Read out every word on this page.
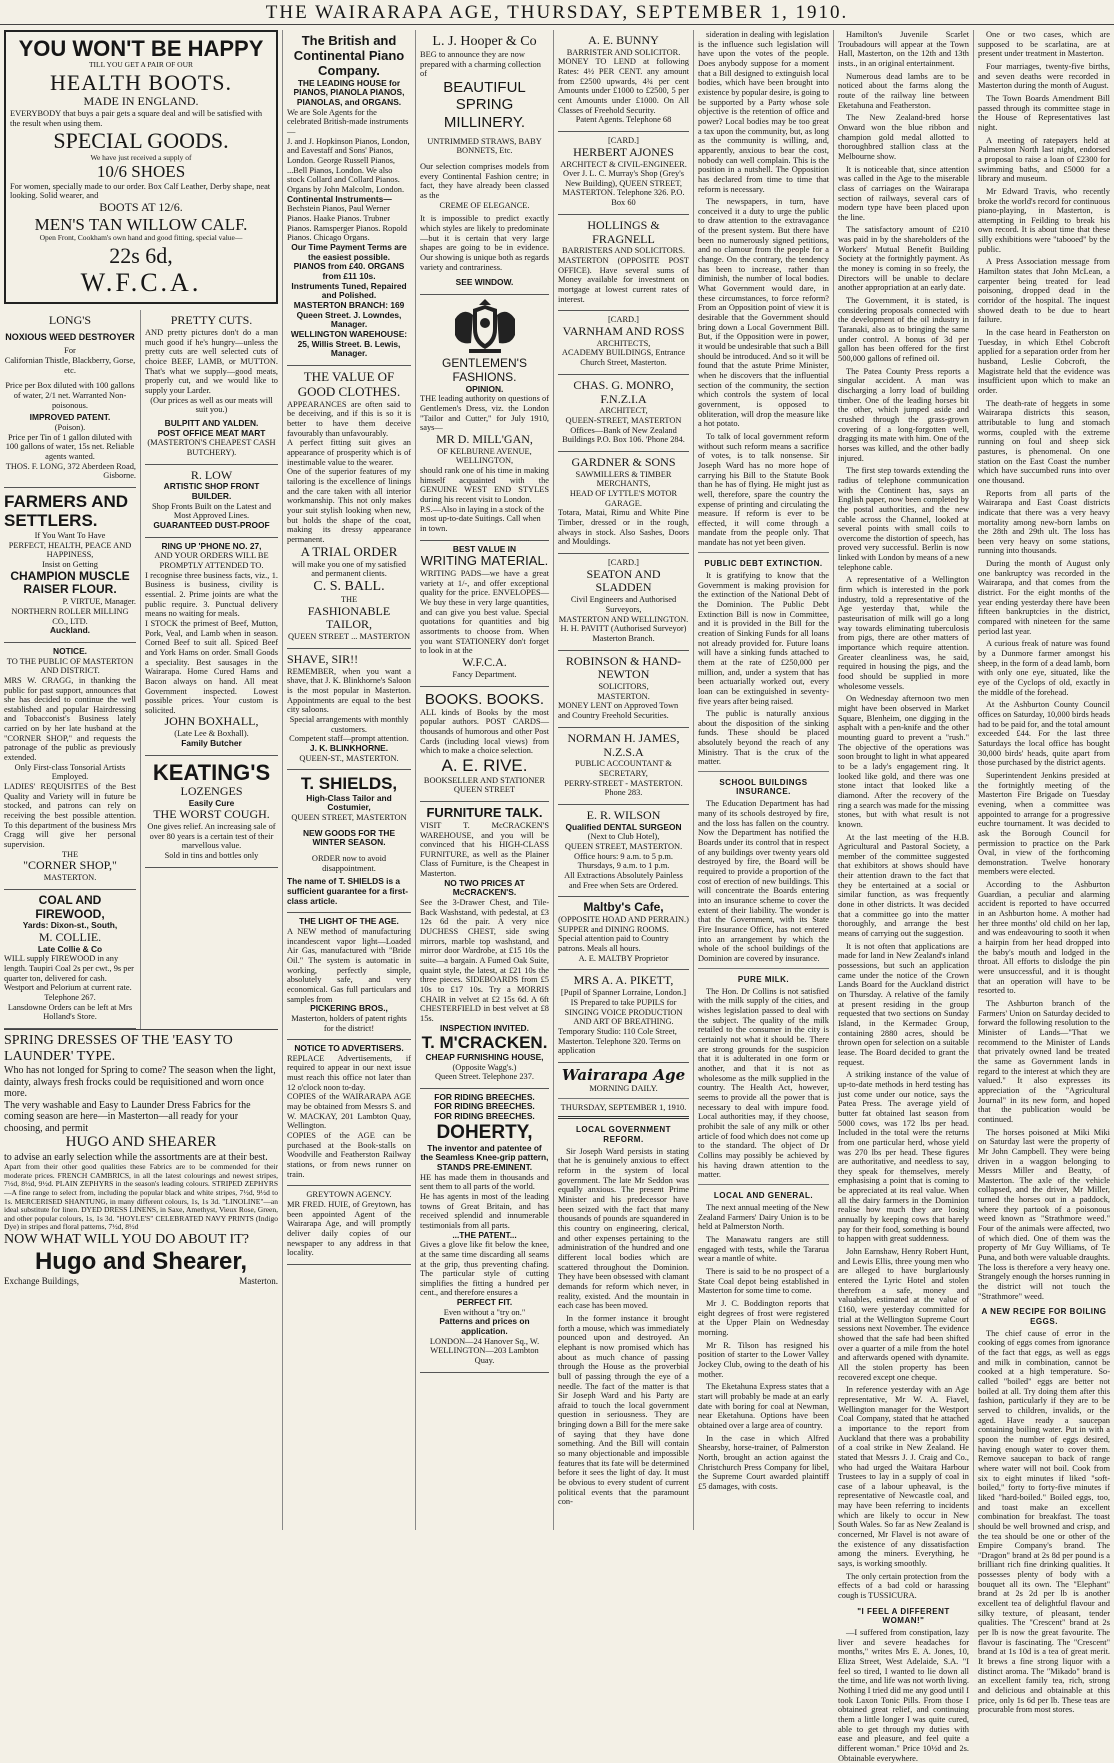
THE WAIRARAPA AGE, THURSDAY, SEPTEMBER 1, 1910.
YOU WON'T BE HAPPY
TILL YOU GET A PAIR OF OUR
HEALTH BOOTS.
MADE IN ENGLAND.
EVERYBODY that buys a pair gets a square deal and will be satisfied with the result when using them.
SPECIAL GOODS.
We have just received a supply of
10/6 SHOES
For women, specially made to our order. Box Calf Leather, Derby shape, neat looking. Solid wearer, and
BOOTS AT 12/6.
MEN'S TAN WILLOW CALF.
Open Front, Cookham's own hand and good fitting, special value—
22s 6d,
W.F.C.A.
LONG'S
NOXIOUS WEED DESTROYER
For
Californian Thistle, Blackberry, Gorse, etc.
Price per Box diluted with 100 gallons of water, 2/1 net. Warranted Non-poisonous.
IMPROVED PATENT.
(Poison).
Price per Tin of 1 gallon diluted with 100 gallons of water, 15s net. Reliable agents wanted.
THOS. F. LONG, 372 Aberdeen Road, Gisborne.
FARMERS AND SETTLERS.
If You Want To Have
PERFECT, HEALTH, PEACE AND HAPPINESS,
Insist on Getting
CHAMPION MUSCLE RAISER FLOUR.
P. VIRTUE, Manager.
NORTHERN ROLLER MILLING CO., LTD.
Auckland.
NOTICE.
TO THE PUBLIC OF MASTERTON AND DISTRICT.
MRS W. CRAGG, in thanking the public for past support, announces that she has decided to continue the well established and popular Hairdressing and Tobacconist's Business lately carried on by her late husband at the "CORNER SHOP," and requests the patronage of the public as previously extended.
Only First-class Tonsorial Artists Employed.
LADIES' REQUISITES of the Best Quality and Variety will in future be stocked, and patrons can rely on receiving the best possible attention. To this department of the business Mrs Cragg will give her personal supervision.
THE
"CORNER SHOP,"
MASTERTON.
COAL AND FIREWOOD,
Yards: Dixon-st., South,
M. COLLIE.
Late Collie & Co
WILL supply FIREWOOD in any length. Taupiri Coal 2s per cwt., 9s per quarter ton, delivered for cash. Westport and Pelorium at current rate.
Telephone 267.
Lansdowne Orders can be left at Mrs Holland's Store.
PRETTY CUTS.
AND pretty pictures don't do a man much good if he's hungry—unless the pretty cuts are well selected cuts of choice BEEF, LAMB, or MUTTON. That's what we supply—good meats, properly cut, and we would like to supply your Larder.
(Our prices as well as our meats will suit you.)
BULPITT AND YALDEN.
POST OFFICE MEAT MART
(MASTERTON'S CHEAPEST CASH BUTCHERY).
R. LOW
ARTISTIC SHOP FRONT
BUILDER.
Shop Fronts Built on the Latest and Most Approved Lines.
GUARANTEED DUST-PROOF
RING UP 'PHONE NO. 27,
AND YOUR ORDERS WILL BE PROMPTLY ATTENDED TO.
I recognise three business facts, viz., 1. Business is business, civility is essential. 2. Prime joints are what the public require. 3. Punctual delivery means no waiting for meals.
I STOCK the primest of Beef, Mutton, Pork, Veal, and Lamb when in season. Corned Beef to suit all. Spiced Beef and York Hams on order. Small Goods a speciality. Best sausages in the Wairarapa. Home Cured Hams and Bacon always on hand. All meat Government inspected. Lowest possible prices. Your custom is solicited.
JOHN BOXHALL,
(Late Lee & Boxhall).
Family Butcher
KEATING'S
LOZENGES
Easily Cure
THE WORST COUGH.
One gives relief. An increasing sale of over 80 years is a certain test of their marvellous value.
Sold in tins and bottles only
SPRING DRESSES OF THE 'EASY TO LAUNDER' TYPE.
Who has not longed for Spring to come? The season when the light, dainty, always fresh frocks could be requisitioned and worn once more.
The very washable and Easy to Launder Dress Fabrics for the coming season are here—in Masterton—all ready for your choosing, and permit
HUGO AND SHEARER
to advise an early selection while the assortments are at their best.
Apart from their other good qualities these Fabrics are to be commended for their moderate prices. FRENCH CAMBRICS, in all the latest colourings and newest stripes, 7½d, 8½d, 9½d. PLAIN ZEPHYRS in the season's leading colours. STRIPED ZEPHYRS—A fine range to select from, including the popular black and white stripes, 7½d, 9½d to 1s. MERCERISED SHANTUNG, in many different colours, 1s, 1s 3d. "LINOLINE"—an ideal substitute for linen. DYED DRESS LINENS, in Saxe, Amethyst, Vieux Rose, Green, and other popular colours, 1s, 1s 3d. "HOYLE'S" CELEBRATED NAVY PRINTS (Indigo Dye) in stripes and floral patterns, 7½d, 8½d
NOW WHAT WILL YOU DO ABOUT IT?
Hugo and Shearer,
Exchange Buildings,	Masterton.
The British and Continental Piano Company.
THE LEADING HOUSE for
PIANOS, PIANOLA PIANOS, PIANOLAS, and ORGANS.
We are Sole Agents for the celebrated British-made instruments—
J. and J. Hopkinson Pianos, London, and Eavestaff and Sons' Pianos, London. George Russell Pianos, ...Bell Pianos, London. We also stock Collard and Collard Pianos. Organs by John Malcolm, London.
Continental Instruments—
Bechstein Pianos, Paul Werner Pianos. Haake Pianos. Trubner Pianos. Ramsperger Pianos. Ropold Pianos. Chicago Organs.
Our Time Payment Terms are the easiest possible.
PIANOS from £40. ORGANS from £11 10s.
Instruments Tuned, Repaired and Polished.
MASTERTON BRANCH: 169 Queen Street. J. Lowndes, Manager.
WELLINGTON WAREHOUSE: 25, Willis Street. B. Lewis, Manager.
THE VALUE OF GOOD CLOTHES.
APPEARANCES are often said to be deceiving, and if this is so it is better to have them deceive favourably than unfavourably.
A perfect fitting suit gives an appearance of prosperity which is of inestimable value to the wearer.
One of the superior features of my tailoring is the excellence of linings and the care taken with all interior workmanship. This not only makes your suit stylish looking when new, but holds the shape of the coat, making its dressy appearance permanent.
A TRIAL ORDER
will make you one of my satisfied and permanent clients.
C. S. BALL.
THE
FASHIONABLE TAILOR,
QUEEN STREET ... MASTERTON
SHAVE, SIR!!
REMEMBER, when you want a shave, that J. K. Blinkhorne's Saloon is the most popular in Masterton. Appointments are equal to the best city saloons.
Special arrangements with monthly customers.
Competent staff—prompt attention.
J. K. BLINKHORNE.
QUEEN-ST., MASTERTON.
T. SHIELDS,
High-Class Tailor and Costumier,
QUEEN STREET, MASTERTON
NEW GOODS FOR THE WINTER SEASON.
ORDER now to avoid disappointment.
The name of T. SHIELDS is a sufficient guarantee for a first-class article.
THE LIGHT OF THE AGE.
A NEW method of manufacturing incandescent vapor light—Loaded Air Gas, manufactured with "Bride Oil." The system is automatic in working, perfectly simple, absolutely safe, and very economical. Gas full particulars and samples from
PICKERING BROS.,
Masterton, holders of patent rights for the district!
NOTICE TO ADVERTISERS.
REPLACE Advertisements, if required to appear in our next issue must reach this office not later than 12 o'clock noon to-day.
COPIES of the WAIRARAPA AGE may be obtained from Messrs S. and W. MACKAY, 201 Lambton Quay, Wellington.
COPIES of the AGE can be purchased at the Book-stalls on Woodville and Featherston Railway stations, or from news runner on train.
GREYTOWN AGENCY.
MR FRED. HUIE, of Greytown, has been appointed Agent of the Wairarapa Age, and will promptly deliver daily copies of our newspaper to any address in that locality.
L. J. Hooper & Co
BEG to announce they are now prepared with a charming collection of
BEAUTIFUL
SPRING
MILLINERY.
UNTRIMMED STRAWS, BABY BONNETS, Etc.
Our selection comprises models from every Continental Fashion centre; in fact, they have already been classed as the
CREME OF ELEGANCE.
It is impossible to predict exactly which styles are likely to predominate—but it is certain that very large shapes are going to be in evidence. Our showing is unique both as regards variety and contrariness.
SEE WINDOW.
GENTLEMEN'S FASHIONS.
OPINION.
THE leading authority on questions of Gentlemen's Dress, viz. the London "Tailor and Cutter," for July 1910, says—
MR D. MILL'GAN,
OF KELBURNE AVENUE, WELLINGTON,
should rank one of his time in making himself acquainted with the GENUINE WEST END STYLES during his recent visit to London.
P.S.—Also in laying in a stock of the most up-to-date Suitings. Call when in town.
BEST VALUE IN
WRITING MATERIAL.
WRITING PADS—we have a great variety at 1/-, and offer exceptional quality for the price. ENVELOPES—We buy these in very large quantities, and can give you best value. Special quotations for quantities and big assortments to choose from. When you want STATIONERY don't forget to look in at the
W.F.C.A.
Fancy Department.
BOOKS. BOOKS.
ALL kinds of Books by the most popular authors. POST CARDS—thousands of humorous and other Post Cards (including local views) from which to make a choice selection.
A. E. RIVE.
BOOKSELLER AND STATIONER
QUEEN STREET
FURNITURE TALK.
VISIT T. McCRACKEN'S WAREHOUSE, and you will be convinced that his HIGH-CLASS FURNITURE, as well as the Plainer Class of Furniture, is the Cheapest in Masterton.
NO TWO PRICES AT McCRACKEN'S.
See the 3-Drawer Chest, and Tile-Back Washstand, with pedestal, at £3 12s 6d the pair. A very nice DUCHESS CHEST, side swing mirrors, marble top washstand, and mirror door Wardrobe, at £15 10s the suite—a bargain. A Fumed Oak Suite, quaint style, the latest, at £21 10s the three pieces. SIDEBOARDS from £5 10s to £17 10s. Try a MORRIS CHAIR in velvet at £2 15s 6d. A 6ft CHESTERFIELD in best velvet at £8 15s.
INSPECTION INVITED.
T. M'CRACKEN.
CHEAP FURNISHING HOUSE,
(Opposite Wagg's.)
Queen Street. Telephone 237.
FOR RIDING BREECHES.
FOR RIDING BREECHES.
FOR RIDING BREECHES.
DOHERTY,
The inventor and patentee of the Seamless Knee-grip pattern,
STANDS PRE-EMINENT.
HE has made them in thousands and sent them to all parts of the world.
He has agents in most of the leading towns of Great Britain, and has received splendid and innumerable testimonials from all parts.
...THE PATENT...
Gives a glove like fit below the knee, at the same time discarding all seams at the grip, thus preventing chafing. The particular style of cutting simplifies the fitting a hundred per cent., and therefore ensures a
PERFECT FIT.
Even without a "try on."
Patterns and prices on application.
LONDON—24 Hanover Sq., W.
WELLINGTON—203 Lambton Quay.
A. E. BUNNY
BARRISTER AND SOLICITOR.
MONEY TO LEND at following Rates: 4½ PER CENT. any amount from £2500 upwards, 4¾ per cent Amounts under £1000 to £2500, 5 per cent Amounts under £1000. On All Classes of Freehold Security.
Patent Agents. Telephone 68
[CARD.]
HERBERT AJONES
ARCHITECT & CIVIL-ENGINEER.
Over J. L. C. Murray's Shop (Grey's New Building), QUEEN STREET, MASTERTON. Telephone 326. P.O. Box 60
HOLLINGS & FRAGNELL
BARRISTERS AND SOLICITORS.
MASTERTON (OPPOSITE POST OFFICE). Have several sums of Money available for investment on mortgage at lowest current rates of interest.
[CARD.]
VARNHAM AND ROSS
ARCHITECTS,
ACADEMY BUILDINGS, Entrance Church Street, Masterton.
CHAS. G. MONRO, F.N.Z.I.A
ARCHITECT,
QUEEN-STREET, MASTERTON
Offices—Bank of New Zealand Buildings P.O. Box 106. 'Phone 284.
GARDNER & SONS
SAWMILLERS & TIMBER MERCHANTS,
HEAD OF LYTTLE'S MOTOR GARAGE.
Totara, Matai, Rimu and White Pine Timber, dressed or in the rough, always in stock. Also Sashes, Doors and Mouldings.
[CARD.]
SEATON AND SLADDEN
Civil Engineers and Authorised Surveyors,
MASTERTON AND WELLINGTON.
H. H. PAVITT (Authorised Surveyor) Masterton Branch.
ROBINSON & HAND-NEWTON
SOLICITORS,
MASTERTON.
MONEY LENT on Approved Town and Country Freehold Securities.
NORMAN H. JAMES, N.Z.S.A
PUBLIC ACCOUNTANT & SECRETARY,
PERRY-STREET - MASTERTON.
Phone 283.
E. R. WILSON
Qualified DENTAL SURGEON
(Next to Club Hotel),
QUEEN STREET, MASTERTON.
Office hours: 9 a.m. to 5 p.m. Thursdays, 9 a.m. to 1 p.m.
All Extractions Absolutely Painless and Free when Sets are Ordered.
Maltby's Cafe,
(OPPOSITE HOAD AND PERRAIN.)
SUPPER and DINING ROOMS. Special attention paid to Country patrons. Meals all hours.
A. E. MALTBY Proprietor
MRS A. A. PIKETT,
[Pupil of Spanner Lorraine, London.]
IS Prepared to take PUPILS for SINGING VOICE PRODUCTION AND ART OF BREATHING.
Temporary Studio: 110 Cole Street, Masterton. Telephone 320. Terms on application
Wairarapa Age
MORNING DAILY.
THURSDAY, SEPTEMBER 1, 1910.
LOCAL GOVERNMENT REFORM.

Sir Joseph Ward persists in stating that he is genuinely anxious to effect reform in the system of local government. The late Mr Seddon was equally anxious. The present Prime Minister and his predecessor have been seized with the fact that many thousands of pounds are squandered in this country on engineering, clerical, and other expenses pertaining to the administration of the hundred and one different local bodies which are scattered throughout the Dominion. They have been obsessed with clamant demands for reform which never, in reality, existed. And the mountain in each case has been moved.

In the former instance it brought forth a mouse, which was immediately pounced upon and destroyed. An elephant is now promised which has about as much chance of passing through the House as the proverbial bull of passing through the eye of a needle. The fact of the matter is that Sir Joseph Ward and his Party are afraid to touch the local government question in seriousness. They are bringing down a Bill for the mere sake of saying that they have done something. And the Bill will contain so many objectionable and impossible features that its fate will be determined before it sees the light of day. It must be obvious to every student of current political events that the paramount con-

sideration in dealing with legislation is the influence such legislation will have upon the votes of the people. Does anybody suppose for a moment that a Bill designed to extinguish local bodies, which have been brought into existence by popular desire, is going to be supported by a Party whose sole objective is the retention of office and power? Local bodies may be too great a tax upon the community, but, as long as the community is willing, and, apparently, anxious to bear the cost, nobody can well complain. This is the position in a nutshell. The Opposition has declared from time to time that reform is necessary.

The newspapers, in turn, have conceived it a duty to urge the public to draw attention to the extravagance of the present system. But there have been no numerously signed petitions, and no clamour from the people for a change. On the contrary, the tendency has been to increase, rather than diminish, the number of local bodies. What Government would dare, in these circumstances, to force reform? From an Opposition point of view it is desirable that the Government should bring down a Local Government Bill. But, if the Opposition were in power, it would be undesirable that such a Bill should be introduced. And so it will be found that the astute Prime Minister, when he discovers that the influential section of the community, the section which controls the system of local government, is opposed to obliteration, will drop the measure like a hot potato.

To talk of local government reform without such reform means a sacrifice of votes, is to talk nonsense. Sir Joseph Ward has no more hope of carrying his Bill to the Statute Book than he has of flying. He might just as well, therefore, spare the country the expense of printing and circulating the measure. If reform is ever to be effected, it will come through a mandate from the people only. That mandate has not yet been given.

PUBLIC DEBT EXTINCTION.

It is gratifying to know that the Government is making provision for the extinction of the National Debt of the Dominion. The Public Debt Extinction Bill is now in Committee, and it is provided in the Bill for the creation of Sinking Funds for all loans not already provided for. Future loans will have a sinking funds attached to them at the rate of £250,000 per million, and, under a system that has been actuarially worked out, every loan can be extinguished in seventy-five years after being raised.

The public is naturally anxious about the disposition of the sinking funds. These should be placed absolutely beyond the reach of any Ministry. That is the crux of the matter.

SCHOOL BUILDINGS INSURANCE.

The Education Department has had many of its schools destroyed by fire, and the loss has fallen on the country. Now the Department has notified the Boards under its control that in respect of any buildings over twenty years old destroyed by fire, the Board will be required to provide a proportion of the cost of erection of new buildings. This will concentrate the Boards entering into an insurance scheme to cover the extent of their liability. The wonder is that the Government, with its State Fire Insurance Office, has not entered into an arrangement by which the whole of the school buildings of the Dominion are covered by insurance.

PURE MILK.

The Hon. Dr Collins is not satisfied with the milk supply of the cities, and wishes legislation passed to deal with the subject. The quality of the milk retailed to the consumer in the city is certainly not what it should be. There are strong grounds for the suspicion that it is adulterated in one form or another, and that it is not as wholesome as the milk supplied in the country. The Health Act, however, seems to provide all the power that is necessary to deal with impure food. Local authorities may, if they choose, prohibit the sale of any milk or other article of food which does not come up to the standard. The object of Dr Collins may possibly be achieved by his having drawn attention to the matter.

LOCAL AND GENERAL.

The next annual meeting of the New Zealand Farmers' Dairy Union is to be held at Palmerston North.

The Manawatu rangers are still engaged with tests, while the Tararua wear a mantle of white.

There is said to be no prospect of a State Coal depot being established in Masterton for some time to come.

Mr J. C. Boddington reports that eight degrees of frost were registered at the Upper Plain on Wednesday morning.

Mr R. Tilson has resigned his position of starter to the Lower Valley Jockey Club, owing to the death of his mother.

The Eketahuna Express states that a start will probably be made at an early date with boring for coal at Newman, near Eketahuna. Options have been obtained over a large area of country.

In the case in which Alfred Shearsby, horse-trainer, of Palmerston North, brought an action against the Christchurch Press Company for libel, the Supreme Court awarded plaintiff £5 damages, with costs.

Hamilton's Juvenile Scarlet Troubadours will appear at the Town Hall, Masterton, on the 12th and 13th insts., in an original entertainment.

Numerous dead lambs are to be noticed about the farms along the route of the railway line between Eketahuna and Featherston.

The New Zealand-bred horse Onward won the blue ribbon and champion gold medal allotted to thoroughbred stallion class at the Melbourne show.

It is noticeable that, since attention was called in the Age to the miserable class of carriages on the Wairarapa section of railways, several cars of modern type have been placed upon the line.

The satisfactory amount of £210 was paid in by the shareholders of the Workers' Mutual Benefit Building Society at the fortnightly payment. As the money is coming in so freely, the Directors will be unable to declare another appropriation at an early date.

The Government, it is stated, is considering proposals connected with the development of the oil industry in Taranaki, also as to bringing the same under control. A bonus of 3d per gallon has been offered for the first 500,000 gallons of refined oil.

The Patea County Press reports a singular accident. A man was discharging a lorry load of building timber. One of the leading horses bit the other, which jumped aside and crushed through the grass-grown covering of a long-forgotten well, dragging its mate with him. One of the horses was killed, and the other badly injured.

The first step towards extending the radius of telephone communication with the Continent has, says an English paper, now been completed by the postal authorities, and the new cable across the Channel, looked at several points with small coils to overcome the distortion of speech, has proved very successful. Berlin is now linked with London by means of a new telephone cable.

A representative of a Wellington firm which is interested in the pork industry, told a representative of the Age yesterday that, while the pasteurisation of milk will go a long way towards eliminating tuberculosis from pigs, there are other matters of importance which require attention. Greater cleanliness was, he said, required in housing the pigs, and the food should be supplied in more wholesome vessels.

On Wednesday afternoon two men might have been observed in Market Square, Blenheim, one digging in the asphalt with a pen-knife and the other mounting guard to prevent a "rush." The objective of the operations was soon brought to light in what appeared to be a lady's engagement ring. It looked like gold, and there was one stone intact that looked like a diamond. After the recovery of the ring a search was made for the missing stones, but with what result is not known.

At the last meeting of the H.B. Agricultural and Pastoral Society, a member of the committee suggested that exhibitors at shows should have their attention drawn to the fact that they be entertained at a social or similar function, as was frequently done in other districts. It was decided that a committee go into the matter thoroughly, and arrange the best means of carrying out the suggestion.

It is not often that applications are made for land in New Zealand's inland possessions, but such an application came under the notice of the Crown Lands Board for the Auckland district on Thursday. A relative of the family at present residing in the group requested that two sections on Sunday Island, in the Kermadec Group, containing 2880 acres, should be thrown open for selection on a suitable lease. The Board decided to grant the request.

A striking instance of the value of up-to-date methods in herd testing has just come under our notice, says the Patea Press. The average yield of butter fat obtained last season from 5000 cows, was 172 lbs per head. Included in the total were the returns from one particular herd, whose yield was 270 lbs per head. These figures are authoritative, and needless to say, they speak for themselves, merely emphasising a point that is coming to be appreciated at its real value. When all the dairy farmers in the Dominion realise how much they are losing annually by keeping cows that barely pay for their food, something is bound to happen with great suddenness.

John Earnshaw, Henry Robert Hunt, and Lewis Ellis, three young men who are alleged to have burglariously entered the Lyric Hotel and stolen therefrom a safe, money and valuables, estimated at the value of £160, were yesterday committed for trial at the Wellington Supreme Court sessions next November. The evidence showed that the safe had been shifted over a quarter of a mile from the hotel and afterwards opened with dynamite. All the stolen property has been recovered except one cheque.

In reference yesterday with an Age representative, Mr W. A. Fiavel, Wellington manager for the Westport Coal Company, stated that he attached a importance to the report from Auckland that there was a probability of a coal strike in New Zealand. He stated that Messrs J. J. Craig and Co., who had urged the Waitara Harbour Trustees to lay in a supply of coal in case of a labour upheaval, is the representative of Newcastle coal, and may have been referring to incidents which are likely to occur in New South Wales. So far as New Zealand is concerned, Mr Flavel is not aware of the existence of any dissatisfaction among the miners. Everything, he says, is working smoothly.

The only certain protection from the effects of a bad cold or harassing cough is TUSSICURA.

"I FEEL A DIFFERENT WOMAN!"

—I suffered from constipation, lazy liver and severe headaches for months," writes Mrs E. A. Jones, 10, Eliza Street, West Adelaide, S.A. "I feel so tired, I wanted to lie down all the time, and life was not worth living. Nothing I tried did me any good until I took Laxon Tonic Pills. From those I obtained great relief, and continuing them a little longer I was quite cured, able to get through my duties with ease and pleasure, and feel quite a different woman." Price 10½d and 2s. Obtainable everywhere.

One or two cases, which are supposed to be scarlatina, are at present under treatment in Masterton.

Four marriages, twenty-five births, and seven deaths were recorded in Masterton during the month of August.

The Town Boards Amendment Bill passed through its committee stage in the House of Representatives last night.

A meeting of ratepayers held at Palmerston North last night, endorsed a proposal to raise a loan of £2300 for swimming baths, and £5000 for a library and museum.

Mr Edward Travis, who recently broke the world's record for continuous piano-playing, in Masterton, is attempting in Feilding to break his own record. It is about time that these silly exhibitions were "tabooed" by the public.

A Press Association message from Hamilton states that John McLean, a carpenter being treated for lead poisoning, dropped dead in the corridor of the hospital. The inquest showed death to be due to heart failure.

In the case heard in Featherston on Tuesday, in which Ethel Cobcroft applied for a separation order from her husband, Leslie Cobcroft, the Magistrate held that the evidence was insufficient upon which to make an order.

The death-rate of heggets in some Wairarapa districts this season, attributable to lung and stomach worms, coupled with the extreme running on foul and sheep sick pastures, is phenomenal. On one station on the East Coast the number which have succumbed runs into over one thousand.

Reports from all parts of the Wairarapa and East Coast districts indicate that there was a very heavy mortality among new-born lambs on the 28th and 29th ult. The loss has been very heavy on some stations, running into thousands.

During the month of August only one bankruptcy was recorded in the Wairarapa, and that comes from the district. For the eight months of the year ending yesterday there have been fifteen bankruptcies in the district, compared with nineteen for the same period last year.

A curious freak of nature was found by a Dunmore farmer amongst his sheep, in the form of a dead lamb, born with only one eye, situated, like the eye of the Cyclops of old, exactly in the middle of the forehead.

At the Ashburton County Council offices on Saturday, 10,000 birds heads had to be paid for, and the total amount exceeded £44. For the last three Saturdays the local office has bought 30,000 birds' heads, quite apart from those purchased by the district agents.

Superintendent Jenkins presided at the fortnightly meeting of the Masterton Fire Brigade on Tuesday evening, when a committee was appointed to arrange for a progressive euchre tournament. It was decided to ask the Borough Council for permission to practice on the Park Oval, in view of the forthcoming demonstration. Twelve honorary members were elected.

According to the Ashburton Guardian, a peculiar and alarming accident is reported to have occurred in an Ashburton home. A mother had her three months' old child on her lap, and was endeavouring to sooth it when a hairpin from her head dropped into the baby's mouth and lodged in the throat. All efforts to dislodge the pin were unsuccessful, and it is thought that an operation will have to be resorted to.

The Ashburton branch of the Farmers' Union on Saturday decided to forward the following resolution to the Minister of Lands—"That we recommend to the Minister of Lands that privately owned land be treated the same as Government lands in regard to the interest at which they are valued." It also expresses its appreciation of the "Agricultural Journal" in its new form, and hoped that the publication would be continued.

The horses poisoned at Miki Miki on Saturday last were the property of Mr John Campbell. They were being driven in a waggon belonging to Messrs Miller and Beatty, of Masterton. The axle of the vehicle collapsed, and the driver, Mr Miller, turned the horses out in a paddock, where they partook of a poisonous weed known as "Strathmore weed." Four of the animals were affected, two of which died. One of them was the property of Mr Guy Williams, of Te Puna, and both were valuable draughts. The loss is therefore a very heavy one. Strangely enough the horses running in the district will not touch the "Strathmore" weed.

A NEW RECIPE FOR BOILING EGGS.

The chief cause of error in the cooking of eggs comes from ignorance of the fact that eggs, as well as eggs and milk in combination, cannot be cooked at a high temperature. So-called "boiled" eggs are better not boiled at all. Try doing them after this fashion, particularly if they are to be served to children, invalids, or the aged. Have ready a saucepan containing boiling water. Put in with a spoon the number of eggs desired, having enough water to cover them. Remove saucepan to back of range where water will not boil. Cook from six to eight minutes if liked "soft-boiled," forty to forty-five minutes if liked "hard-boiled." Boiled eggs, too, and toast make an excellent combination for breakfast. The toast should be well browned and crisp, and the tea should be one or other of the Empire Company's brand. The "Dragon" brand at 2s 8d per pound is a brilliant rich fine drinking qualities. It possesses plenty of body with a bouquet all its own. The "Elephant" brand at 2s 2d per lb is another excellent tea of delightful flavour and silky texture, of pleasant, tender qualities. The "Crescent" brand at 2s per lb is now the great favourite. The flavour is fascinating. The "Crescent" brand at 1s 10d is a tea of great merit. It brews a fine strong liquor with a distinct aroma. The "Mikado" brand is an excellent family tea, rich, strong and delicious and obtainable at this price, only 1s 6d per lb. These teas are procurable from most stores.
